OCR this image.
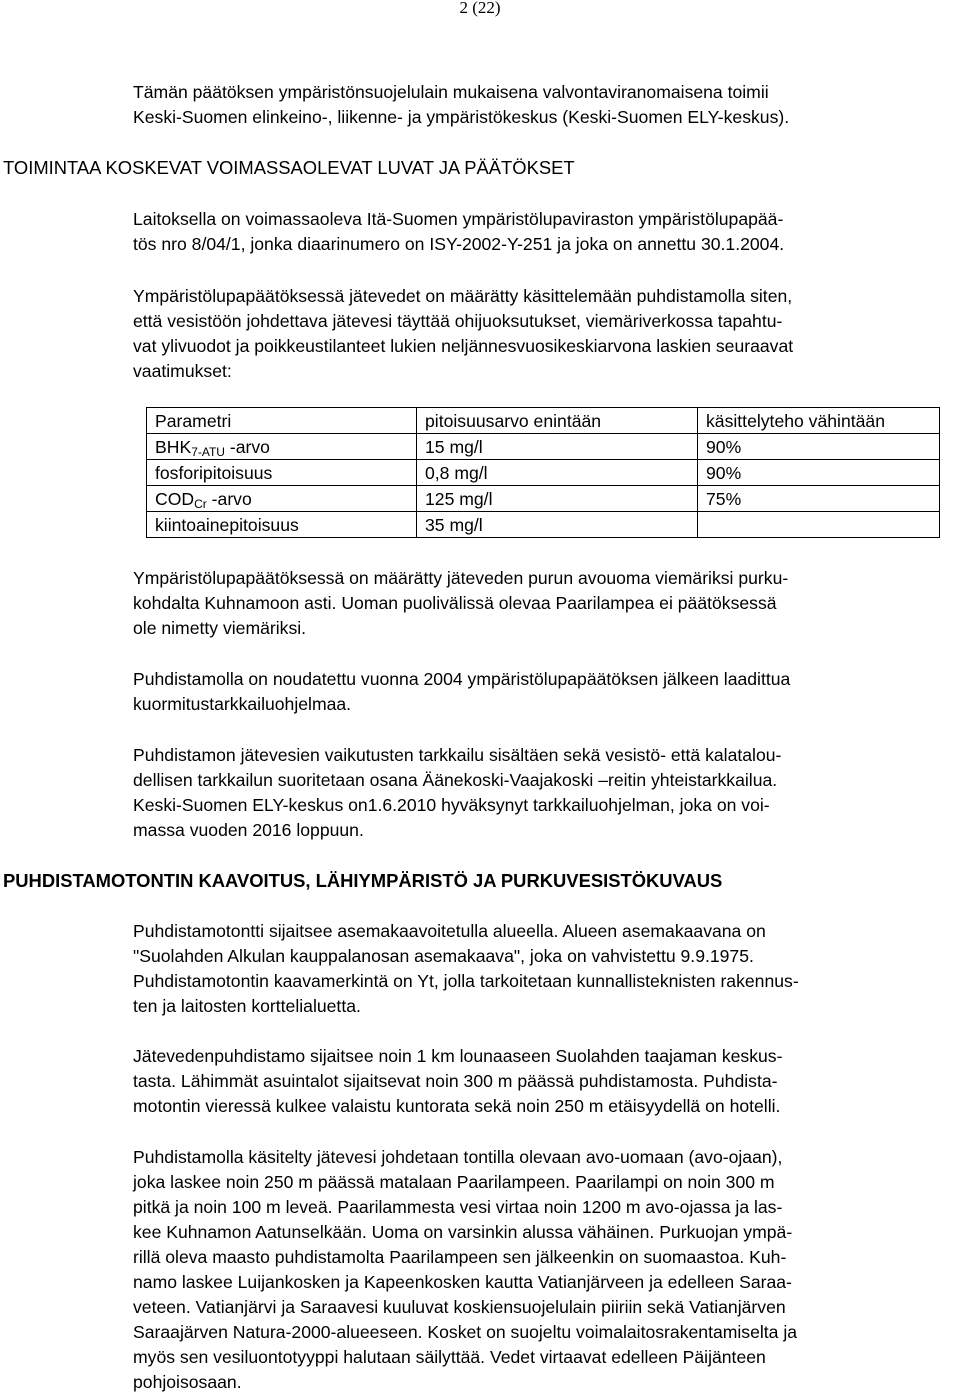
2 (22)
Tämän päätöksen ympäristönsuojelulain mukaisena valvontaviranomaisena toimii
Keski-Suomen elinkeino-, liikenne- ja ympäristökeskus (Keski-Suomen ELY-keskus).
TOIMINTAA KOSKEVAT VOIMASSAOLEVAT LUVAT JA PÄÄTÖKSET
Laitoksella on voimassaoleva Itä-Suomen ympäristölupaviraston ympäristölupapää-
tös nro 8/04/1, jonka diaarinumero on ISY-2002-Y-251 ja joka on annettu 30.1.2004.
Ympäristölupapäätöksessä jätevedet on määrätty käsittelemään puhdistamolla siten,
että vesistöön johdettava jätevesi täyttää ohijuoksutukset, viemäriverkossa tapahtu-
vat ylivuodot ja poikkeustilanteet lukien neljännesvuosikeskiarvona laskien seuraavat
vaatimukset:
Parametri	pitoisuusarvo enintään	käsittelyteho vähintään
$BHK_{7-ATU}$ -arvo	15 mg/l	90%
fosforipitoisuus	0,8 mg/l	90%
$COD_{Cr}$ -arvo	125 mg/l	75%
kiintoainepitoisuus	35 mg/l	
Ympäristölupapäätöksessä on määrätty jäteveden purun avouoma viemäriksi purku-
kohdalta Kuhnamoon asti. Uoman puolivälissä olevaa Paarilampea ei päätöksessä
ole nimetty viemäriksi.
Puhdistamolla on noudatettu vuonna 2004 ympäristölupapäätöksen jälkeen laadittua
kuormitustarkkailuohjelmaa.
Puhdistamon jätevesien vaikutusten tarkkailu sisältäen sekä vesistö- että kalatalou-
dellisen tarkkailun suoritetaan osana Äänekoski-Vaajakoski –reitin yhteistarkkailua.
Keski-Suomen ELY-keskus on1.6.2010 hyväksynyt tarkkailuohjelman, joka on voi-
massa vuoden 2016 loppuun.
PUHDISTAMOTONTIN KAAVOITUS, LÄHIYMPÄRISTÖ JA PURKUVESISTÖKUVAUS
Puhdistamotontti sijaitsee asemakaavoitetulla alueella. Alueen asemakaavana on
"Suolahden Alkulan kauppalanosan asemakaava", joka on vahvistettu 9.9.1975.
Puhdistamotontin kaavamerkintä on Yt, jolla tarkoitetaan kunnallisteknisten rakennus-
ten ja laitosten korttelialuetta.
Jätevedenpuhdistamo sijaitsee noin 1 km lounaaseen Suolahden taajaman keskus-
tasta. Lähimmät asuintalot sijaitsevat noin 300 m päässä puhdistamosta. Puhdista-
motontin vieressä kulkee valaistu kuntorata sekä noin 250 m etäisyydellä on hotelli.
Puhdistamolla käsitelty jätevesi johdetaan tontilla olevaan avo-uomaan (avo-ojaan),
joka laskee noin 250 m päässä matalaan Paarilampeen. Paarilampi on noin 300 m
pitkä ja noin 100 m leveä. Paarilammesta vesi virtaa noin 1200 m avo-ojassa ja las-
kee Kuhnamon Aatunselkään. Uoma on varsinkin alussa vähäinen. Purkuojan ympä-
rillä oleva maasto puhdistamolta Paarilampeen sen jälkeenkin on suomaastoa. Kuh-
namo laskee Luijankosken ja Kapeenkosken kautta Vatianjärveen ja edelleen Saraa-
veteen. Vatianjärvi ja Saraavesi kuuluvat koskiensuojelulain piiriin sekä Vatianjärven
Saraajärven Natura-2000-alueeseen. Kosket on suojeltu voimalaitosrakentamiselta ja
myös sen vesiluontotyyppi halutaan säilyttää. Vedet virtaavat edelleen Päijänteen
pohjoisosaan.
